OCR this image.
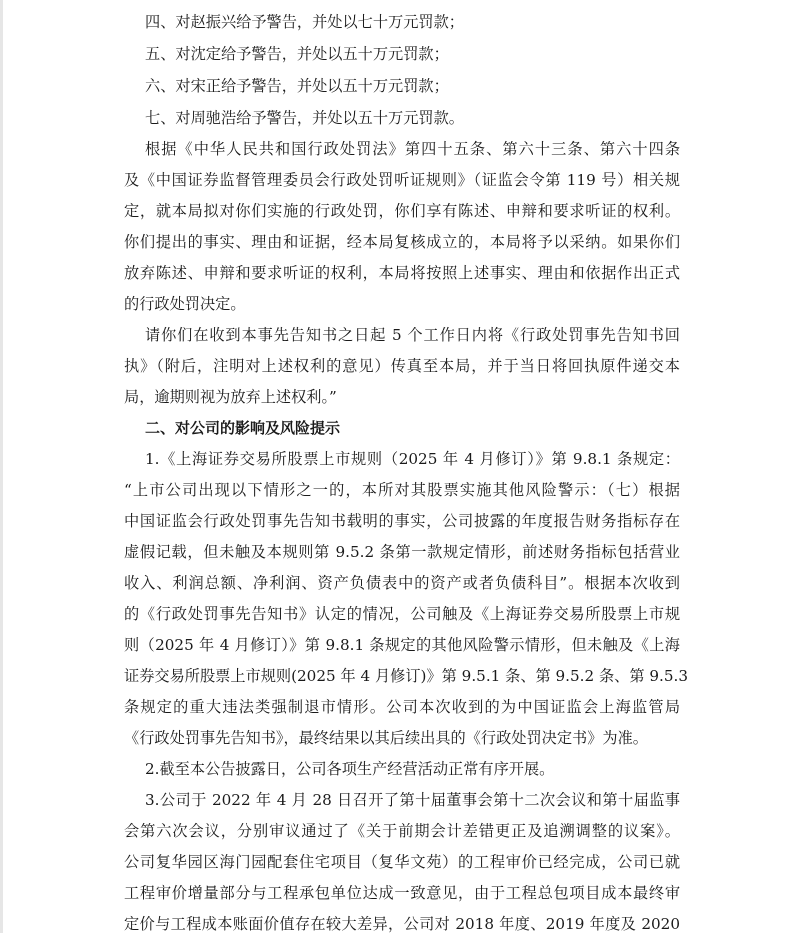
四、对赵振兴给予警告，并处以七十万元罚款；
五、对沈定给予警告，并处以五十万元罚款；
六、对宋正给予警告，并处以五十万元罚款；
七、对周驰浩给予警告，并处以五十万元罚款。
根据《中华人民共和国行政处罚法》第四十五条、第六十三条、第六十四条
及《中国证券监督管理委员会行政处罚听证规则》（证监会令第 119 号）相关规
定，就本局拟对你们实施的行政处罚，你们享有陈述、申辩和要求听证的权利。
你们提出的事实、理由和证据，经本局复核成立的，本局将予以采纳。如果你们
放弃陈述、申辩和要求听证的权利，本局将按照上述事实、理由和依据作出正式
的行政处罚决定。
请你们在收到本事先告知书之日起 5 个工作日内将《行政处罚事先告知书回
执》（附后，注明对上述权利的意见）传真至本局，并于当日将回执原件递交本
局，逾期则视为放弃上述权利。”
二、对公司的影响及风险提示
1.《上海证券交易所股票上市规则（2025 年 4 月修订）》第 9.8.1 条规定：
“上市公司出现以下情形之一的，本所对其股票实施其他风险警示：（七）根据
中国证监会行政处罚事先告知书载明的事实，公司披露的年度报告财务指标存在
虚假记载，但未触及本规则第 9.5.2 条第一款规定情形，前述财务指标包括营业
收入、利润总额、净利润、资产负债表中的资产或者负债科目”。根据本次收到
的《行政处罚事先告知书》认定的情况，公司触及《上海证券交易所股票上市规
则（2025 年 4 月修订）》第 9.8.1 条规定的其他风险警示情形，但未触及《上海
证券交易所股票上市规则(2025 年 4 月修订)》第 9.5.1 条、第 9.5.2 条、第 9.5.3
条规定的重大违法类强制退市情形。公司本次收到的为中国证监会上海监管局
《行政处罚事先告知书》，最终结果以其后续出具的《行政处罚决定书》为准。
2.截至本公告披露日，公司各项生产经营活动正常有序开展。
3.公司于 2022 年 4 月 28 日召开了第十届董事会第十二次会议和第十届监事
会第六次会议，分别审议通过了《关于前期会计差错更正及追溯调整的议案》。
公司复华园区海门园配套住宅项目（复华文苑）的工程审价已经完成，公司已就
工程审价增量部分与工程承包单位达成一致意见，由于工程总包项目成本最终审
定价与工程成本账面价值存在较大差异，公司对 2018 年度、2019 年度及 2020
